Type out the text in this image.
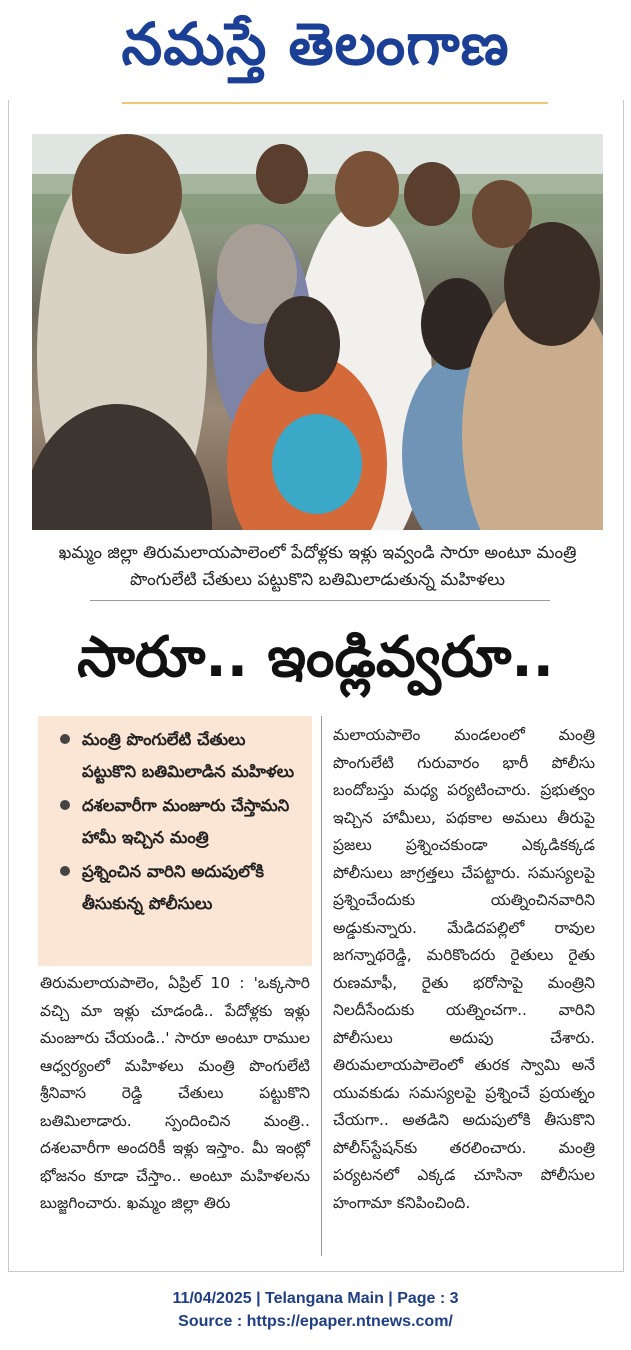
నమస్తే తెలంగాణ
ఖమ్మం జిల్లా తిరుమలాయపాలెంలో పేదోళ్లకు ఇళ్లు ఇవ్వండి సారూ అంటూ మంత్రి పొంగులేటి చేతులు పట్టుకొని బతిమిలాడుతున్న మహిళలు
సారూ.. ఇండ్లివ్వరూ..
మంత్రి పొంగులేటి చేతులు పట్టుకొని బతిమిలాడిన మహిళలు
దశలవారీగా మంజూరు చేస్తామని హామీ ఇచ్చిన మంత్రి
ప్రశ్నించిన వారిని అదుపులోకి తీసుకున్న పోలీసులు

తిరుమలాయపాలెం, ఏప్రిల్ 10 : 'ఒక్కసారి వచ్చి మా ఇళ్లు చూడండి.. పేదోళ్లకు ఇళ్లు మంజూరు చేయండి..' సారూ అంటూ రాముల ఆధ్వర్యంలో మహిళలు మంత్రి పొంగులేటి శ్రీనివాస రెడ్డి చేతులు పట్టుకొని బతిమిలాడారు. స్పందించిన మంత్రి.. దశలవారీగా అందరికీ ఇళ్లు ఇస్తాం. మీ ఇంట్లో భోజనం కూడా చేస్తాం.. అంటూ మహిళలను బుజ్జగించారు. ఖమ్మం జిల్లా తిరు

మలాయపాలెం మండలంలో మంత్రి పొంగులేటి గురువారం భారీ పోలీసు బందోబస్తు మధ్య పర్యటించారు. ప్రభుత్వం ఇచ్చిన హామీలు, పథకాల అమలు తీరుపై ప్రజలు ప్రశ్నించకుండా ఎక్కడికక్కడ పోలీసులు జాగ్రత్తలు చేపట్టారు. సమస్యలపై ప్రశ్నించేందుకు యత్నించినవారిని అడ్డుకున్నారు. మేడిదపల్లిలో రావుల జగన్నాథరెడ్డి, మరికొందరు రైతులు రైతు రుణమాఫీ, రైతు భరోసాపై మంత్రిని నిలదీసేందుకు యత్నించగా.. వారిని పోలీసులు అదుపు చేశారు. తిరుమలాయపాలెంలో తురక స్వామి అనే యువకుడు సమస్యలపై ప్రశ్నించే ప్రయత్నం చేయగా.. అతడిని అదుపులోకి తీసుకొని పోలీస్‌స్టేషన్‌కు తరలించారు. మంత్రి పర్యటనలో ఎక్కడ చూసినా పోలీసుల హంగామా కనిపించింది.

11/04/2025 | Telangana Main | Page : 3
Source : https://epaper.ntnews.com/
